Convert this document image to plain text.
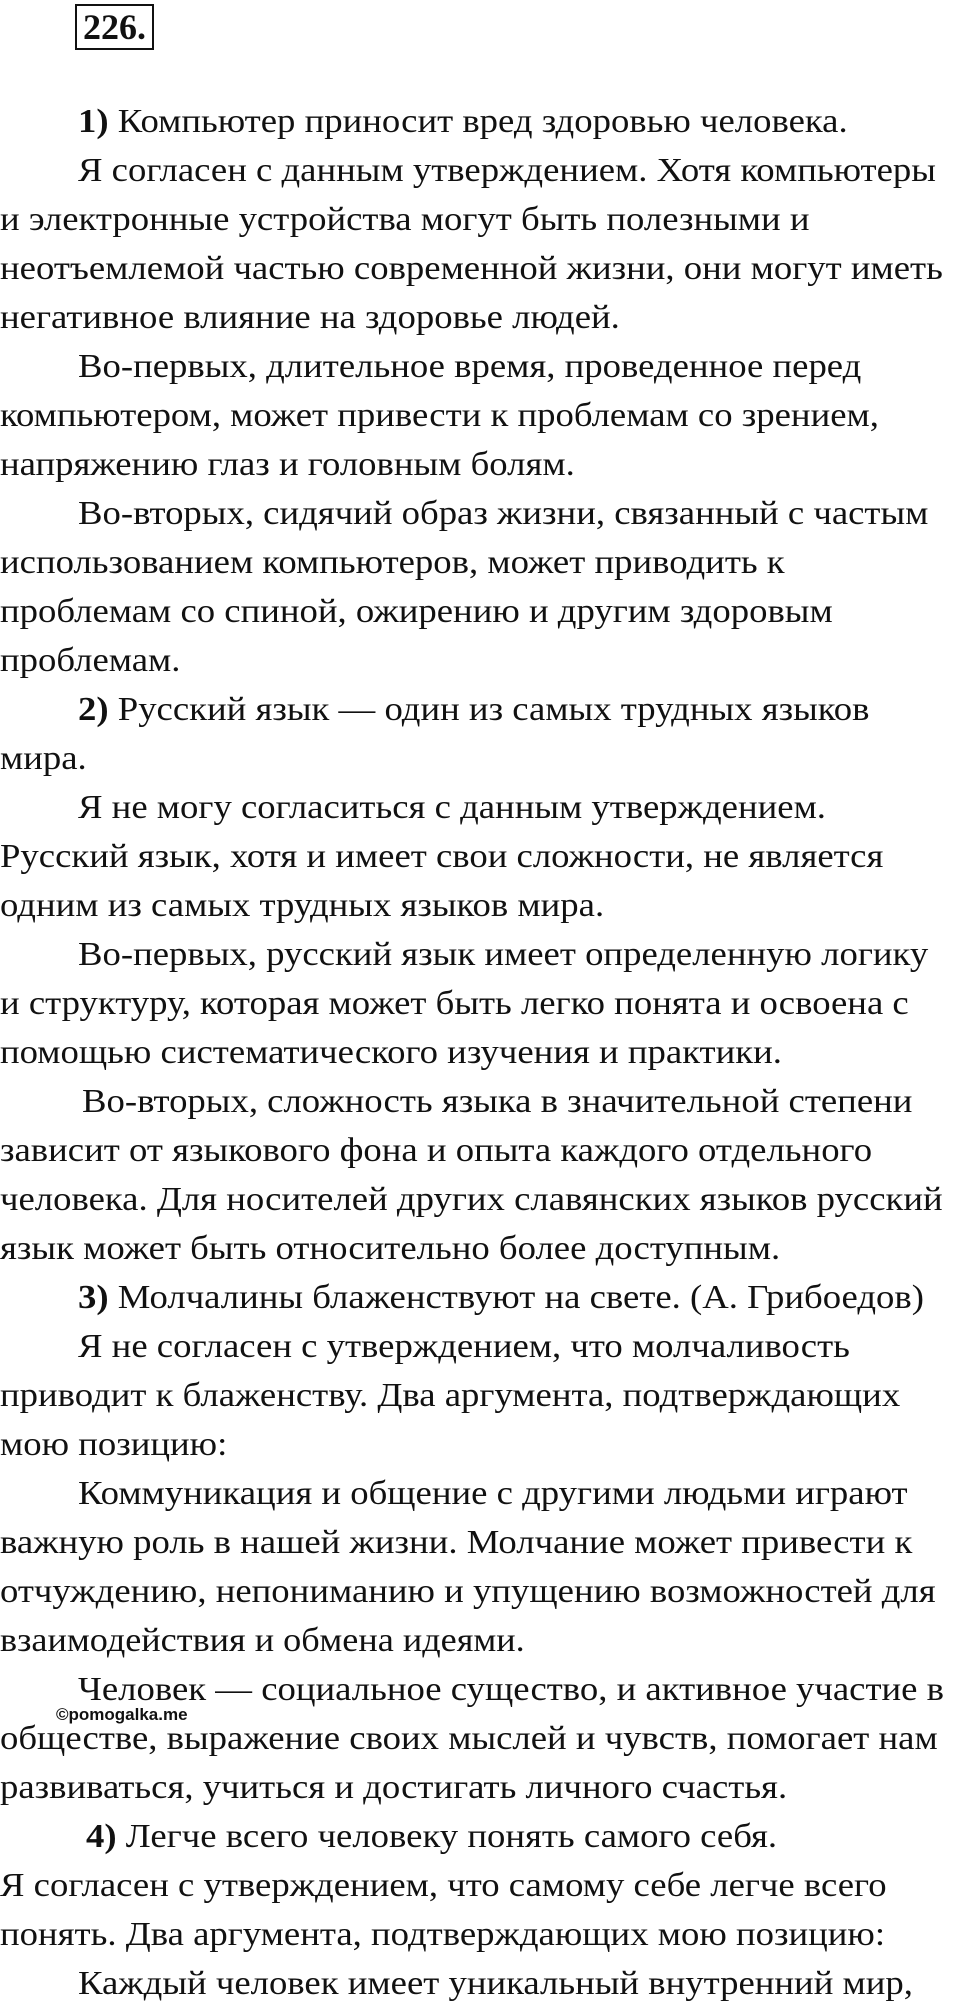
226.
1) Компьютер приносит вред здоровью человека.
Я согласен с данным утверждением. Хотя компьютеры
и электронные устройства могут быть полезными и
неотъемлемой частью современной жизни, они могут иметь
негативное влияние на здоровье людей.
Во-первых, длительное время, проведенное перед
компьютером, может привести к проблемам со зрением,
напряжению глаз и головным болям.
Во-вторых, сидячий образ жизни, связанный с частым
использованием компьютеров, может приводить к
проблемам со спиной, ожирению и другим здоровым
проблемам.
2) Русский язык — один из самых трудных языков
мира.
Я не могу согласиться с данным утверждением.
Русский язык, хотя и имеет свои сложности, не является
одним из самых трудных языков мира.
Во-первых, русский язык имеет определенную логику
и структуру, которая может быть легко понята и освоена с
помощью систематического изучения и практики.
Во-вторых, сложность языка в значительной степени
зависит от языкового фона и опыта каждого отдельного
человека. Для носителей других славянских языков русский
язык может быть относительно более доступным.
3) Молчалины блаженствуют на свете. (А. Грибоедов)
Я не согласен с утверждением, что молчаливость
приводит к блаженству. Два аргумента, подтверждающих
мою позицию:
Коммуникация и общение с другими людьми играют
важную роль в нашей жизни. Молчание может привести к
отчуждению, непониманию и упущению возможностей для
взаимодействия и обмена идеями.
Человек — социальное существо, и активное участие в
обществе, выражение своих мыслей и чувств, помогает нам
развиваться, учиться и достигать личного счастья.
4) Легче всего человеку понять самого себя.
Я согласен с утверждением, что самому себе легче всего
понять. Два аргумента, подтверждающих мою позицию:
Каждый человек имеет уникальный внутренний мир,
©pomogalka.me
